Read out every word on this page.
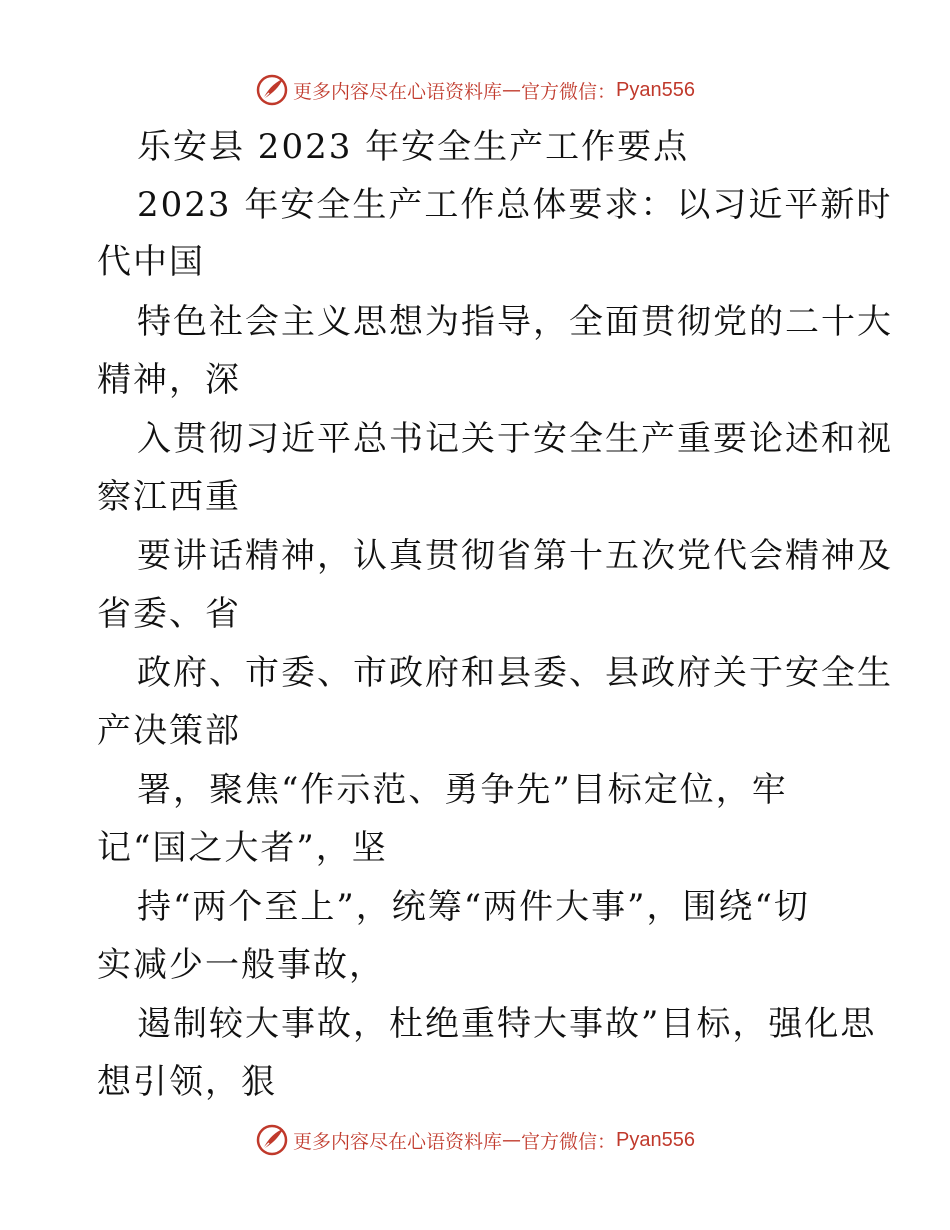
更多内容尽在心语资料库 — 官方微信： Pyan556
乐安县 2023 年安全生产工作要点
2023 年安全生产工作总体要求：以习近平新时
代中国
特色社会主义思想为指导，全面贯彻党的二十大
精神，深
入贯彻习近平总书记关于安全生产重要论述和视
察江西重
要讲话精神，认真贯彻省第十五次党代会精神及
省委、省
政府、市委、市政府和县委、县政府关于安全生
产决策部
署，聚焦“作示范、勇争先”目标定位，牢
记“国之大者”，坚
持“两个至上”，统筹“两件大事”，围绕“切
实减少一般事故，
遏制较大事故，杜绝重特大事故”目标，强化思
想引领，狠
更多内容尽在心语资料库 — 官方微信： Pyan556
